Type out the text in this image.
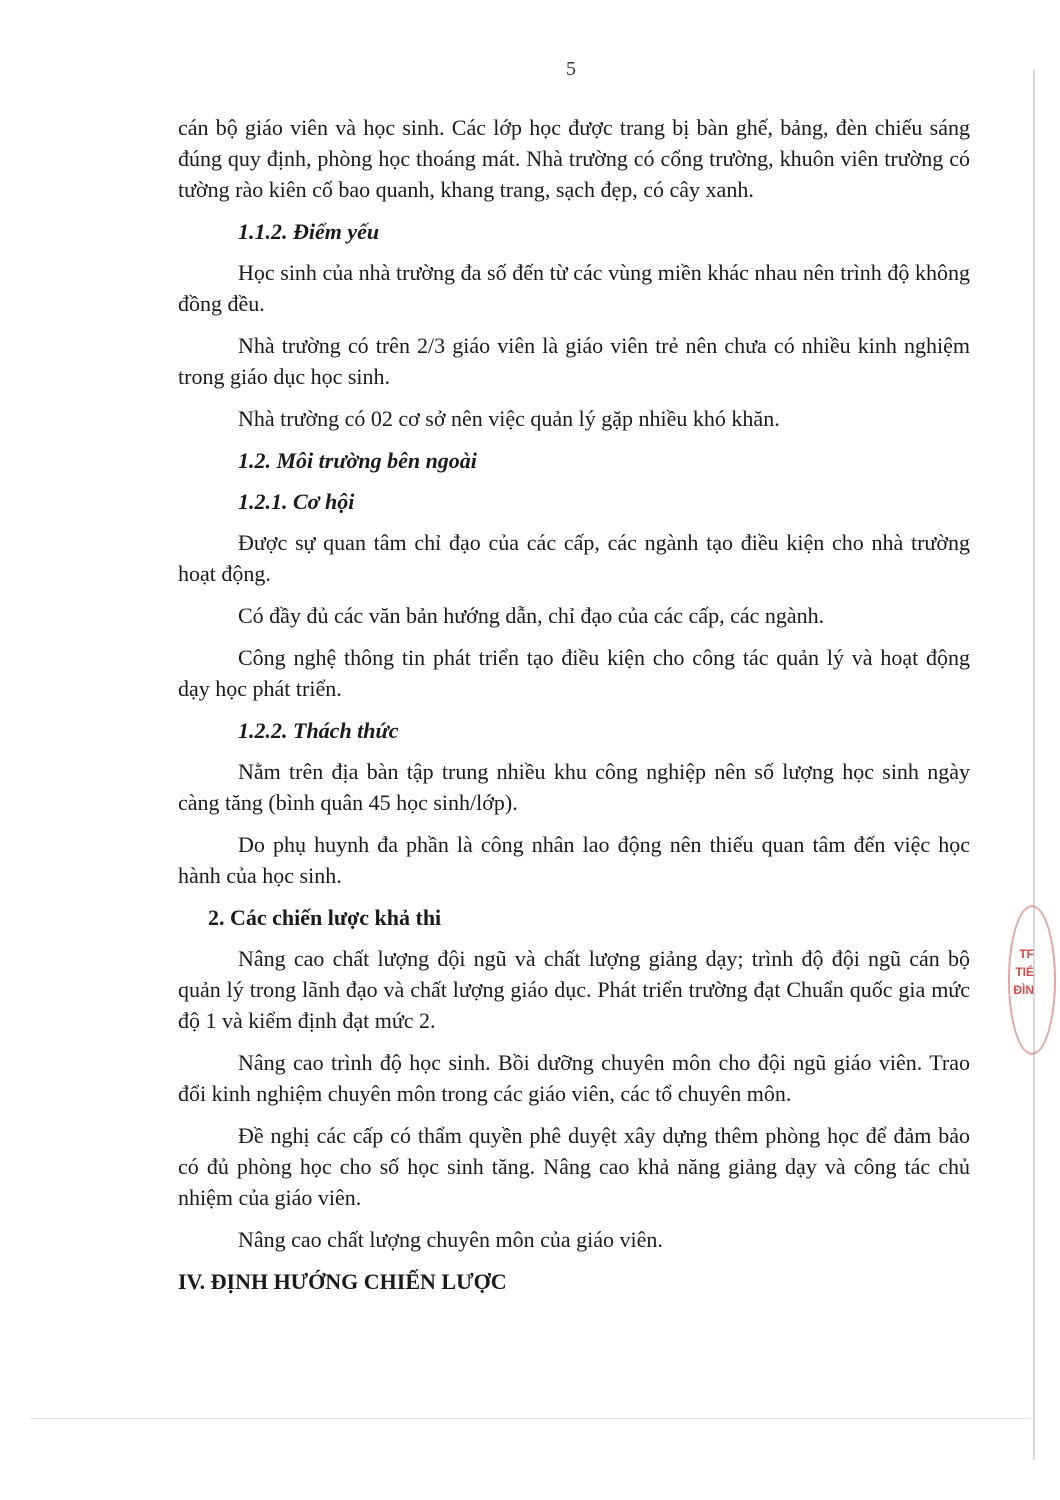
5

cán bộ giáo viên và học sinh. Các lớp học được trang bị bàn ghế, bảng, đèn chiếu sáng đúng quy định, phòng học thoáng mát. Nhà trường có cổng trường, khuôn viên trường có tường rào kiên cố bao quanh, khang trang, sạch đẹp, có cây xanh.

1.1.2. Điểm yếu

Học sinh của nhà trường đa số đến từ các vùng miền khác nhau nên trình độ không đồng đều.

Nhà trường có trên 2/3 giáo viên là giáo viên trẻ nên chưa có nhiều kinh nghiệm trong giáo dục học sinh.

Nhà trường có 02 cơ sở nên việc quản lý gặp nhiều khó khăn.

1.2. Môi trường bên ngoài

1.2.1. Cơ hội

Được sự quan tâm chỉ đạo của các cấp, các ngành tạo điều kiện cho nhà trường hoạt động.

Có đầy đủ các văn bản hướng dẫn, chỉ đạo của các cấp, các ngành.

Công nghệ thông tin phát triển tạo điều kiện cho công tác quản lý và hoạt động dạy học phát triển.

1.2.2. Thách thức

Nằm trên địa bàn tập trung nhiều khu công nghiệp nên số lượng học sinh ngày càng tăng (bình quân 45 học sinh/lớp).

Do phụ huynh đa phần là công nhân lao động nên thiếu quan tâm đến việc học hành của học sinh.

2. Các chiến lược khả thi

Nâng cao chất lượng đội ngũ và chất lượng giảng dạy; trình độ đội ngũ cán bộ quản lý trong lãnh đạo và chất lượng giáo dục. Phát triển trường đạt Chuẩn quốc gia mức độ 1 và kiểm định đạt mức 2.

Nâng cao trình độ học sinh. Bồi dưỡng chuyên môn cho đội ngũ giáo viên. Trao đổi kinh nghiệm chuyên môn trong các giáo viên, các tổ chuyên môn.

Đề nghị các cấp có thẩm quyền phê duyệt xây dựng thêm phòng học để đảm bảo có đủ phòng học cho số học sinh tăng. Nâng cao khả năng giảng dạy và công tác chủ nhiệm của giáo viên.

Nâng cao chất lượng chuyên môn của giáo viên.

IV. ĐỊNH HƯỚNG CHIẾN LƯỢC

TF
TIÉ
ĐÌN
